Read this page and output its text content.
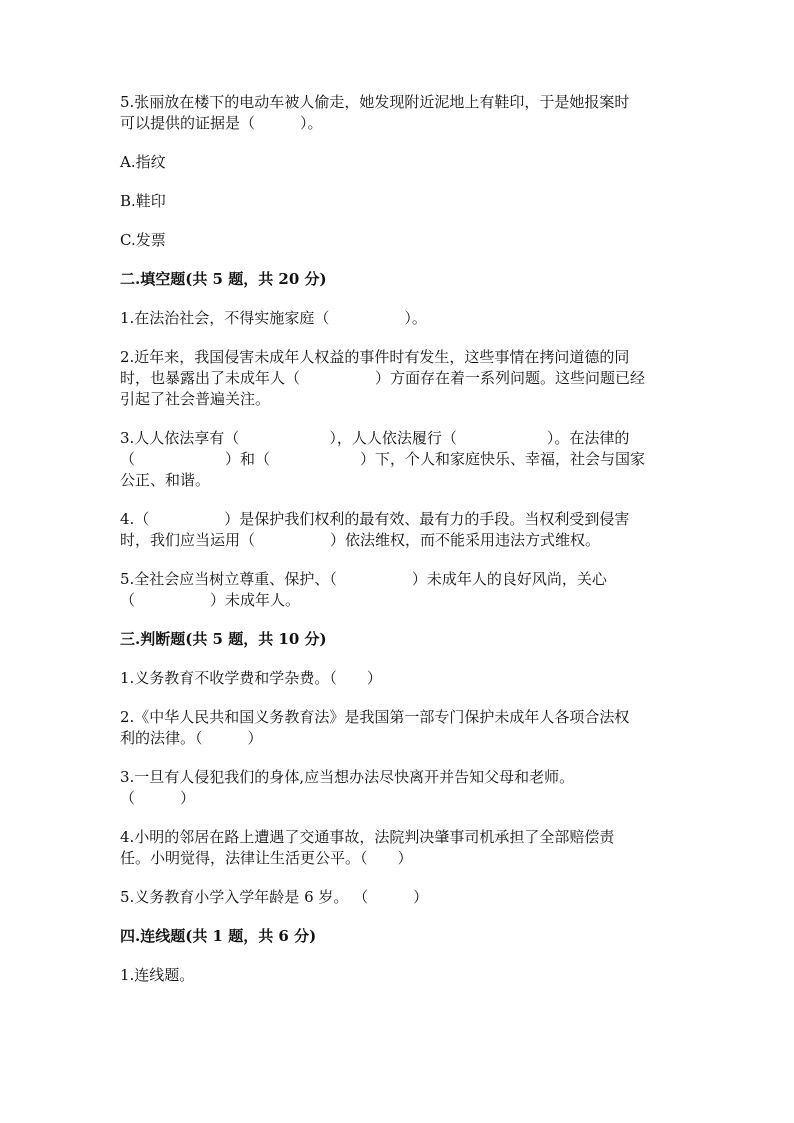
5.张丽放在楼下的电动车被人偷走，她发现附近泥地上有鞋印，于是她报案时

可以提供的证据是（　　　）。

A.指纹

B.鞋印

C.发票

二.填空题(共 5 题，共 20 分)

1.在法治社会，不得实施家庭（　　　　　）。

2.近年来，我国侵害未成年人权益的事件时有发生，这些事情在拷问道德的同

时，也暴露出了未成年人（　　　　　）方面存在着一系列问题。这些问题已经

引起了社会普遍关注。

3.人人依法享有（　　　　　　），人人依法履行（　　　　　　）。在法律的

（　　　　　　）和（　　　　　　）下，个人和家庭快乐、幸福，社会与国家

公正、和谐。

4.（　　　　　）是保护我们权利的最有效、最有力的手段。当权利受到侵害

时，我们应当运用（　　　　　）依法维权，而不能采用违法方式维权。

5.全社会应当树立尊重、保护、（　　　　　）未成年人的良好风尚，关心

（　　　　　）未成年人。

三.判断题(共 5 题，共 10 分)

1.义务教育不收学费和学杂费。（　　）

2.《中华人民共和国义务教育法》是我国第一部专门保护未成年人各项合法权

利的法律。（　　　）

3.一旦有人侵犯我们的身体,应当想办法尽快离开并告知父母和老师。

（　　　）

4.小明的邻居在路上遭遇了交通事故，法院判决肇事司机承担了全部赔偿责

任。小明觉得，法律让生活更公平。（　　）

5.义务教育小学入学年龄是 6 岁。 （　　　）

四.连线题(共 1 题，共 6 分)

1.连线题。
